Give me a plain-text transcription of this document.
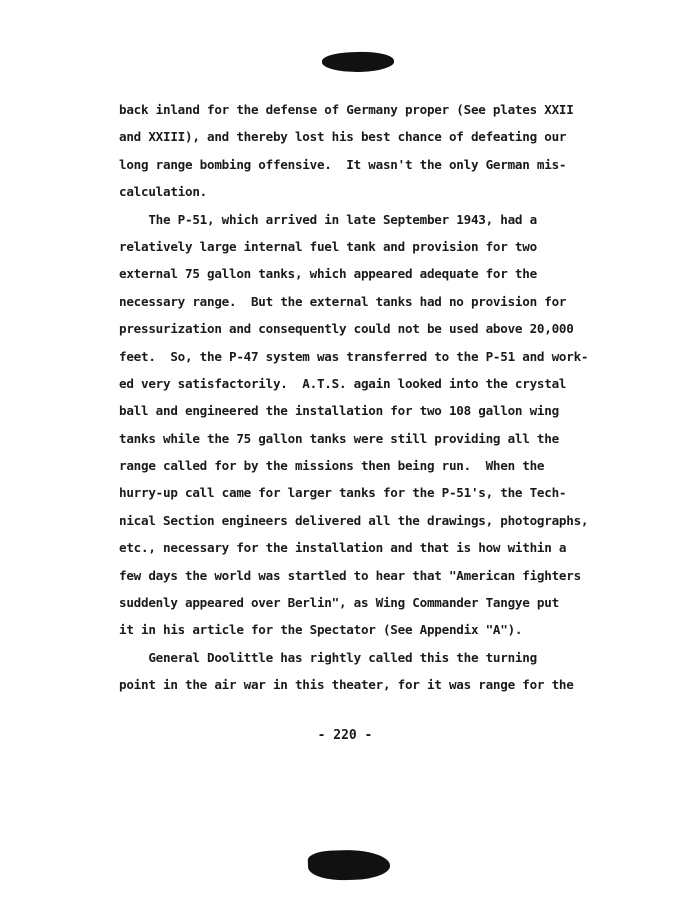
back inland for the defense of Germany proper (See plates XXII
and XXIII), and thereby lost his best chance of defeating our
long range bombing offensive.  It wasn't the only German mis-
calculation.
The P-51, which arrived in late September 1943, had a
relatively large internal fuel tank and provision for two
external 75 gallon tanks, which appeared adequate for the
necessary range.  But the external tanks had no provision for
pressurization and consequently could not be used above 20,000
feet.  So, the P-47 system was transferred to the P-51 and work-
ed very satisfactorily.  A.T.S. again looked into the crystal
ball and engineered the installation for two 108 gallon wing
tanks while the 75 gallon tanks were still providing all the
range called for by the missions then being run.  When the
hurry-up call came for larger tanks for the P-51's, the Tech-
nical Section engineers delivered all the drawings, photographs,
etc., necessary for the installation and that is how within a
few days the world was startled to hear that "American fighters
suddenly appeared over Berlin", as Wing Commander Tangye put
it in his article for the Spectator (See Appendix "A").
General Doolittle has rightly called this the turning
point in the air war in this theater, for it was range for the
- 220 -
